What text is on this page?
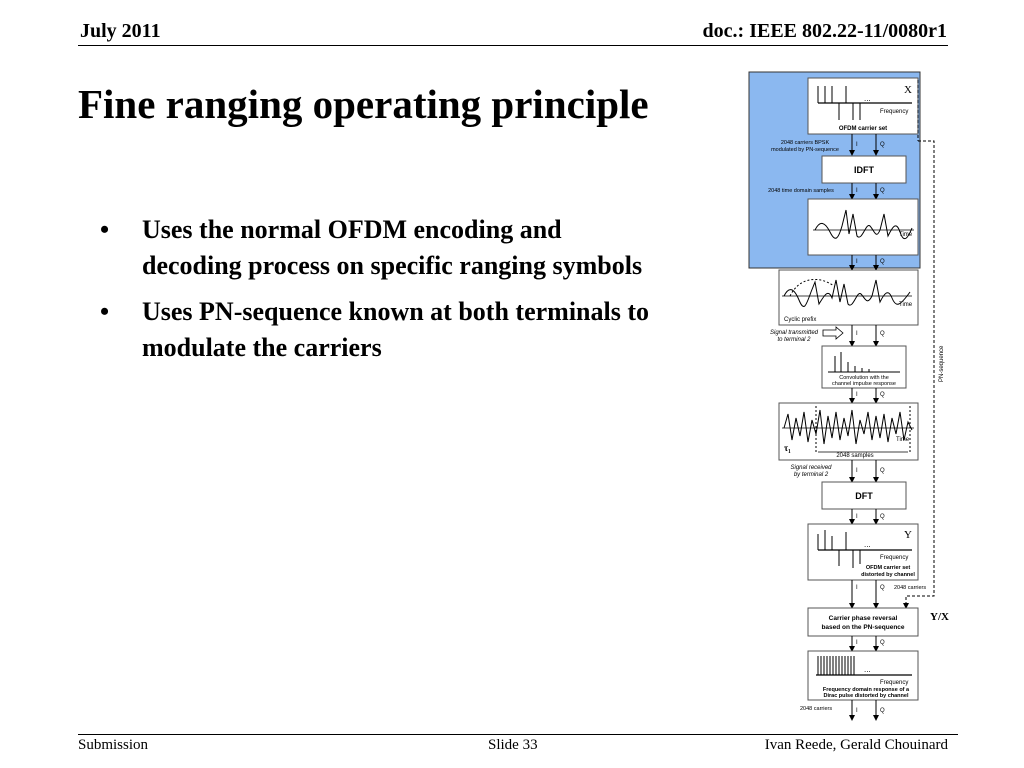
July 2011	doc.: IEEE 802.22-11/0080r1
Fine ranging operating principle
• Uses the normal OFDM encoding and decoding process on specific ranging symbols
• Uses PN-sequence known at both terminals to modulate the carriers
X
...
Frequency
OFDM carrier set
2048 carriers BPSK
modulated by PN-sequence
I	Q
IDFT
2048 time domain samples	I	Q
Time
I	Q
Time
Cyclic prefix
Signal transmitted
to terminal 2
I	Q
Convolution with the
channel impulse response
I	Q
Time
τ₁
2048 samples
Signal received
by terminal 2
I	Q
DFT
I	Q
Y
...
Frequency
OFDM carrier set
distorted by channel
I	Q 2048 carriers
PN-sequence
Carrier phase reversal
based on the PN-sequence
Y/X
I	Q
...
Frequency
Frequency domain response of a
Dirac pulse distorted by channel
2048 carriers	I	Q
Submission	Slide 33	Ivan Reede, Gerald Chouinard
